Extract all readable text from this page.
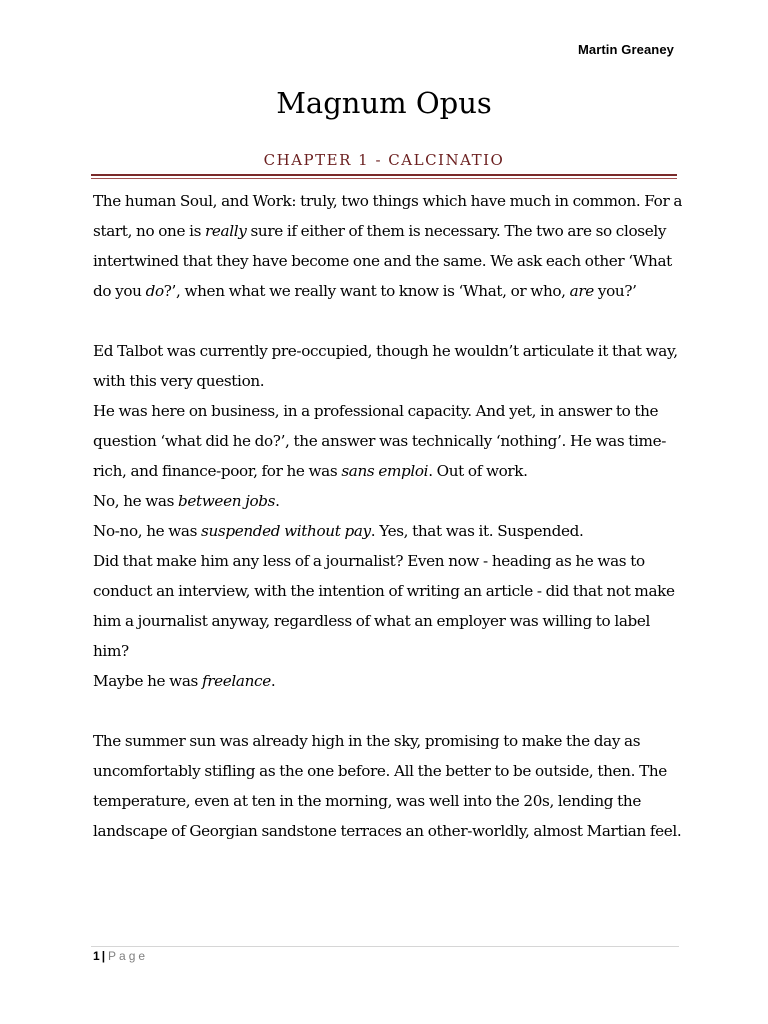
Martin Greaney
Magnum Opus
CHAPTER 1 - CALCINATIO

The human Soul, and Work: truly, two things which have much in common. For a start, no one is really sure if either of them is necessary. The two are so closely intertwined that they have become one and the same. We ask each other ‘What do you do?’, when what we really want to know is ‘What, or who, are you?’

Ed Talbot was currently pre-occupied, though he wouldn’t articulate it that way, with this very question.

He was here on business, in a professional capacity. And yet, in answer to the question ‘what did he do?’, the answer was technically ‘nothing’. He was time-rich, and finance-poor, for he was sans emploi. Out of work.

No, he was between jobs.

No-no, he was suspended without pay. Yes, that was it. Suspended.

Did that make him any less of a journalist? Even now - heading as he was to conduct an interview, with the intention of writing an article - did that not make him a journalist anyway, regardless of what an employer was willing to label him?

Maybe he was freelance.

The summer sun was already high in the sky, promising to make the day as uncomfortably stifling as the one before. All the better to be outside, then. The temperature, even at ten in the morning, was well into the 20s, lending the landscape of Georgian sandstone terraces an other-worldly, almost Martian feel.

1 | Page
